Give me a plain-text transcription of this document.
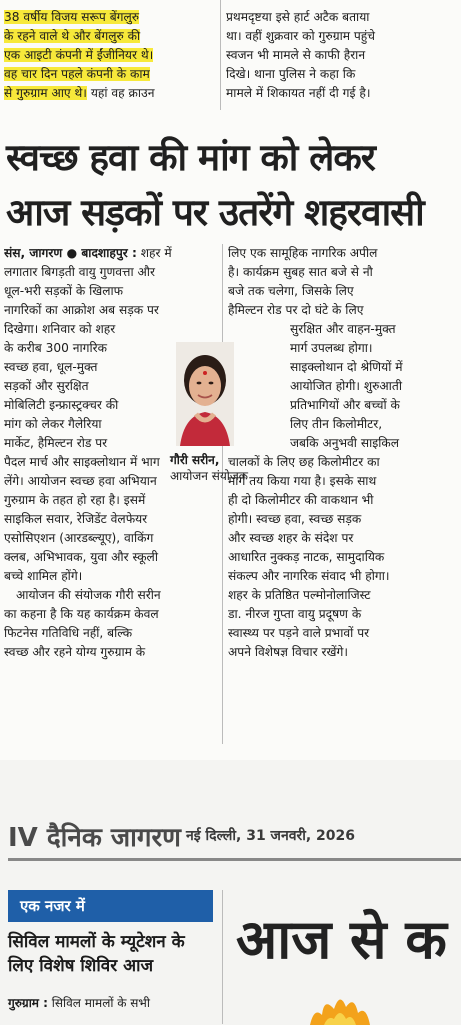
38 वर्षीय विजय सरूप बेंगलुरु
के रहने वाले थे और बेंगलुरु की
एक आइटी कंपनी में ईंजीनियर थे।
वह चार दिन पहले कंपनी के काम
से गुरुग्राम आए थे। यहां वह क्राउन
प्रथमदृष्टया इसे हार्ट अटैक बताया
था। वहीं शुक्रवार को गुरुग्राम पहुंचे
स्वजन भी मामले से काफी हैरान
दिखे। थाना पुलिस ने कहा कि
मामले में शिकायत नहीं दी गई है।
स्वच्छ हवा की मांग को लेकर
आज सड़कों पर उतरेंगे शहरवासी
संस, जागरण ● बादशाहपुर : शहर में
लगातार बिगड़ती वायु गुणवत्ता और
धूल-भरी सड़कों के खिलाफ
नागरिकों का आक्रोश अब सड़क पर
दिखेगा। शनिवार को शहर
के करीब 300 नागरिक
स्वच्छ हवा, धूल-मुक्त
सड़कों और सुरक्षित
मोबिलिटी इन्फ्रास्ट्रक्चर की
मांग को लेकर गैलेरिया
मार्केट, हैमिल्टन रोड पर
पैदल मार्च और साइक्लोथान में भाग
लेंगे। आयोजन स्वच्छ हवा अभियान
गुरुग्राम के तहत हो रहा है। इसमें
साइकिल सवार, रेजिडेंट वेलफेयर
एसोसिएशन (आरडब्ल्यूए), वाकिंग
क्लब, अभिभावक, युवा और स्कूली
बच्चे शामिल होंगे।
आयोजन की संयोजक गौरी सरीन
का कहना है कि यह कार्यक्रम केवल
फिटनेस गतिविधि नहीं, बल्कि
स्वच्छ और रहने योग्य गुरुग्राम के
लिए एक सामूहिक नागरिक अपील
है। कार्यक्रम सुबह सात बजे से नौ
बजे तक चलेगा, जिसके लिए
हैमिल्टन रोड पर दो घंटे के लिए
सुरक्षित और वाहन-मुक्त
मार्ग उपलब्ध होगा।
साइक्लोथान दो श्रेणियों में
आयोजित होगी। शुरुआती
प्रतिभागियों और बच्चों के
लिए तीन किलोमीटर,
जबकि अनुभवी साइकिल
चालकों के लिए छह किलोमीटर का
मार्ग तय किया गया है। इसके साथ
ही दो किलोमीटर की वाकथान भी
होगी। स्वच्छ हवा, स्वच्छ सड़क
और स्वच्छ शहर के संदेश पर
आधारित नुक्कड़ नाटक, सामुदायिक
संकल्प और नागरिक संवाद भी होगा।
शहर के प्रतिष्ठित पल्मोनोलाजिस्ट
डा. नीरज गुप्ता वायु प्रदूषण के
स्वास्थ्य पर पड़ने वाले प्रभावों पर
अपने विशेषज्ञ विचार रखेंगे।
गौरी सरीन,
आयोजन संयोजक
IV दैनिक जागरण नई दिल्ली, 31 जनवरी, 2026
एक नजर में
सिविल मामलों के म्यूटेशन के
लिए विशेष शिविर आज
गुरुग्राम : सिविल मामलों के सभी
आज से क
